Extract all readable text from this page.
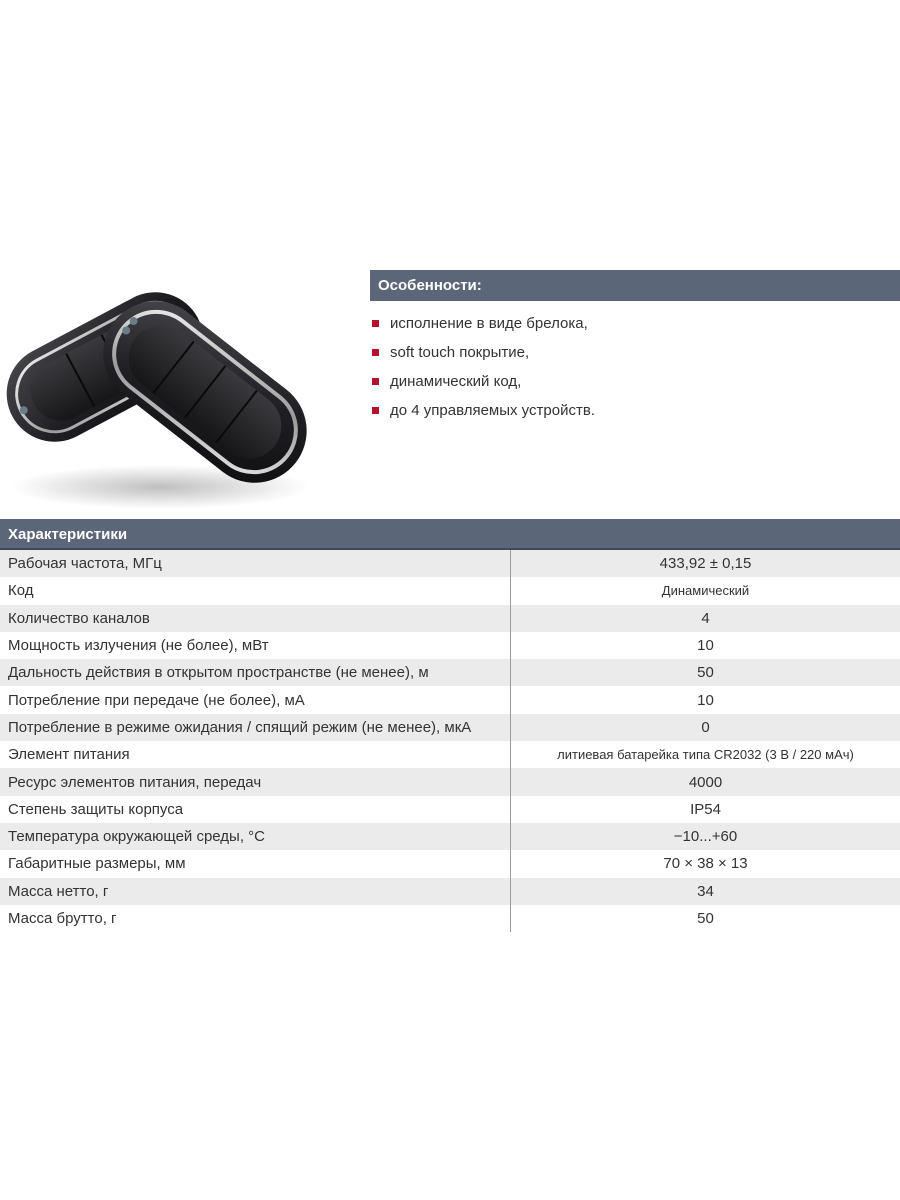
Особенности:
исполнение в виде брелока,
soft touch покрытие,
динамический код,
до 4 управляемых устройств.
Характеристики
Рабочая частота, МГц	433,92 ± 0,15
Код	Динамический
Количество каналов	4
Мощность излучения (не более), мВт	10
Дальность действия в открытом пространстве (не менее), м	50
Потребление при передаче (не более), мА	10
Потребление в режиме ожидания / спящий режим (не менее), мкА	0
Элемент питания	литиевая батарейка типа CR2032 (3 В / 220 мАч)
Ресурс элементов питания, передач	4000
Степень защиты корпуса	IP54
Температура окружающей среды, °С	−10...+60
Габаритные размеры, мм	70 × 38 × 13
Масса нетто, г	34
Масса брутто, г	50
